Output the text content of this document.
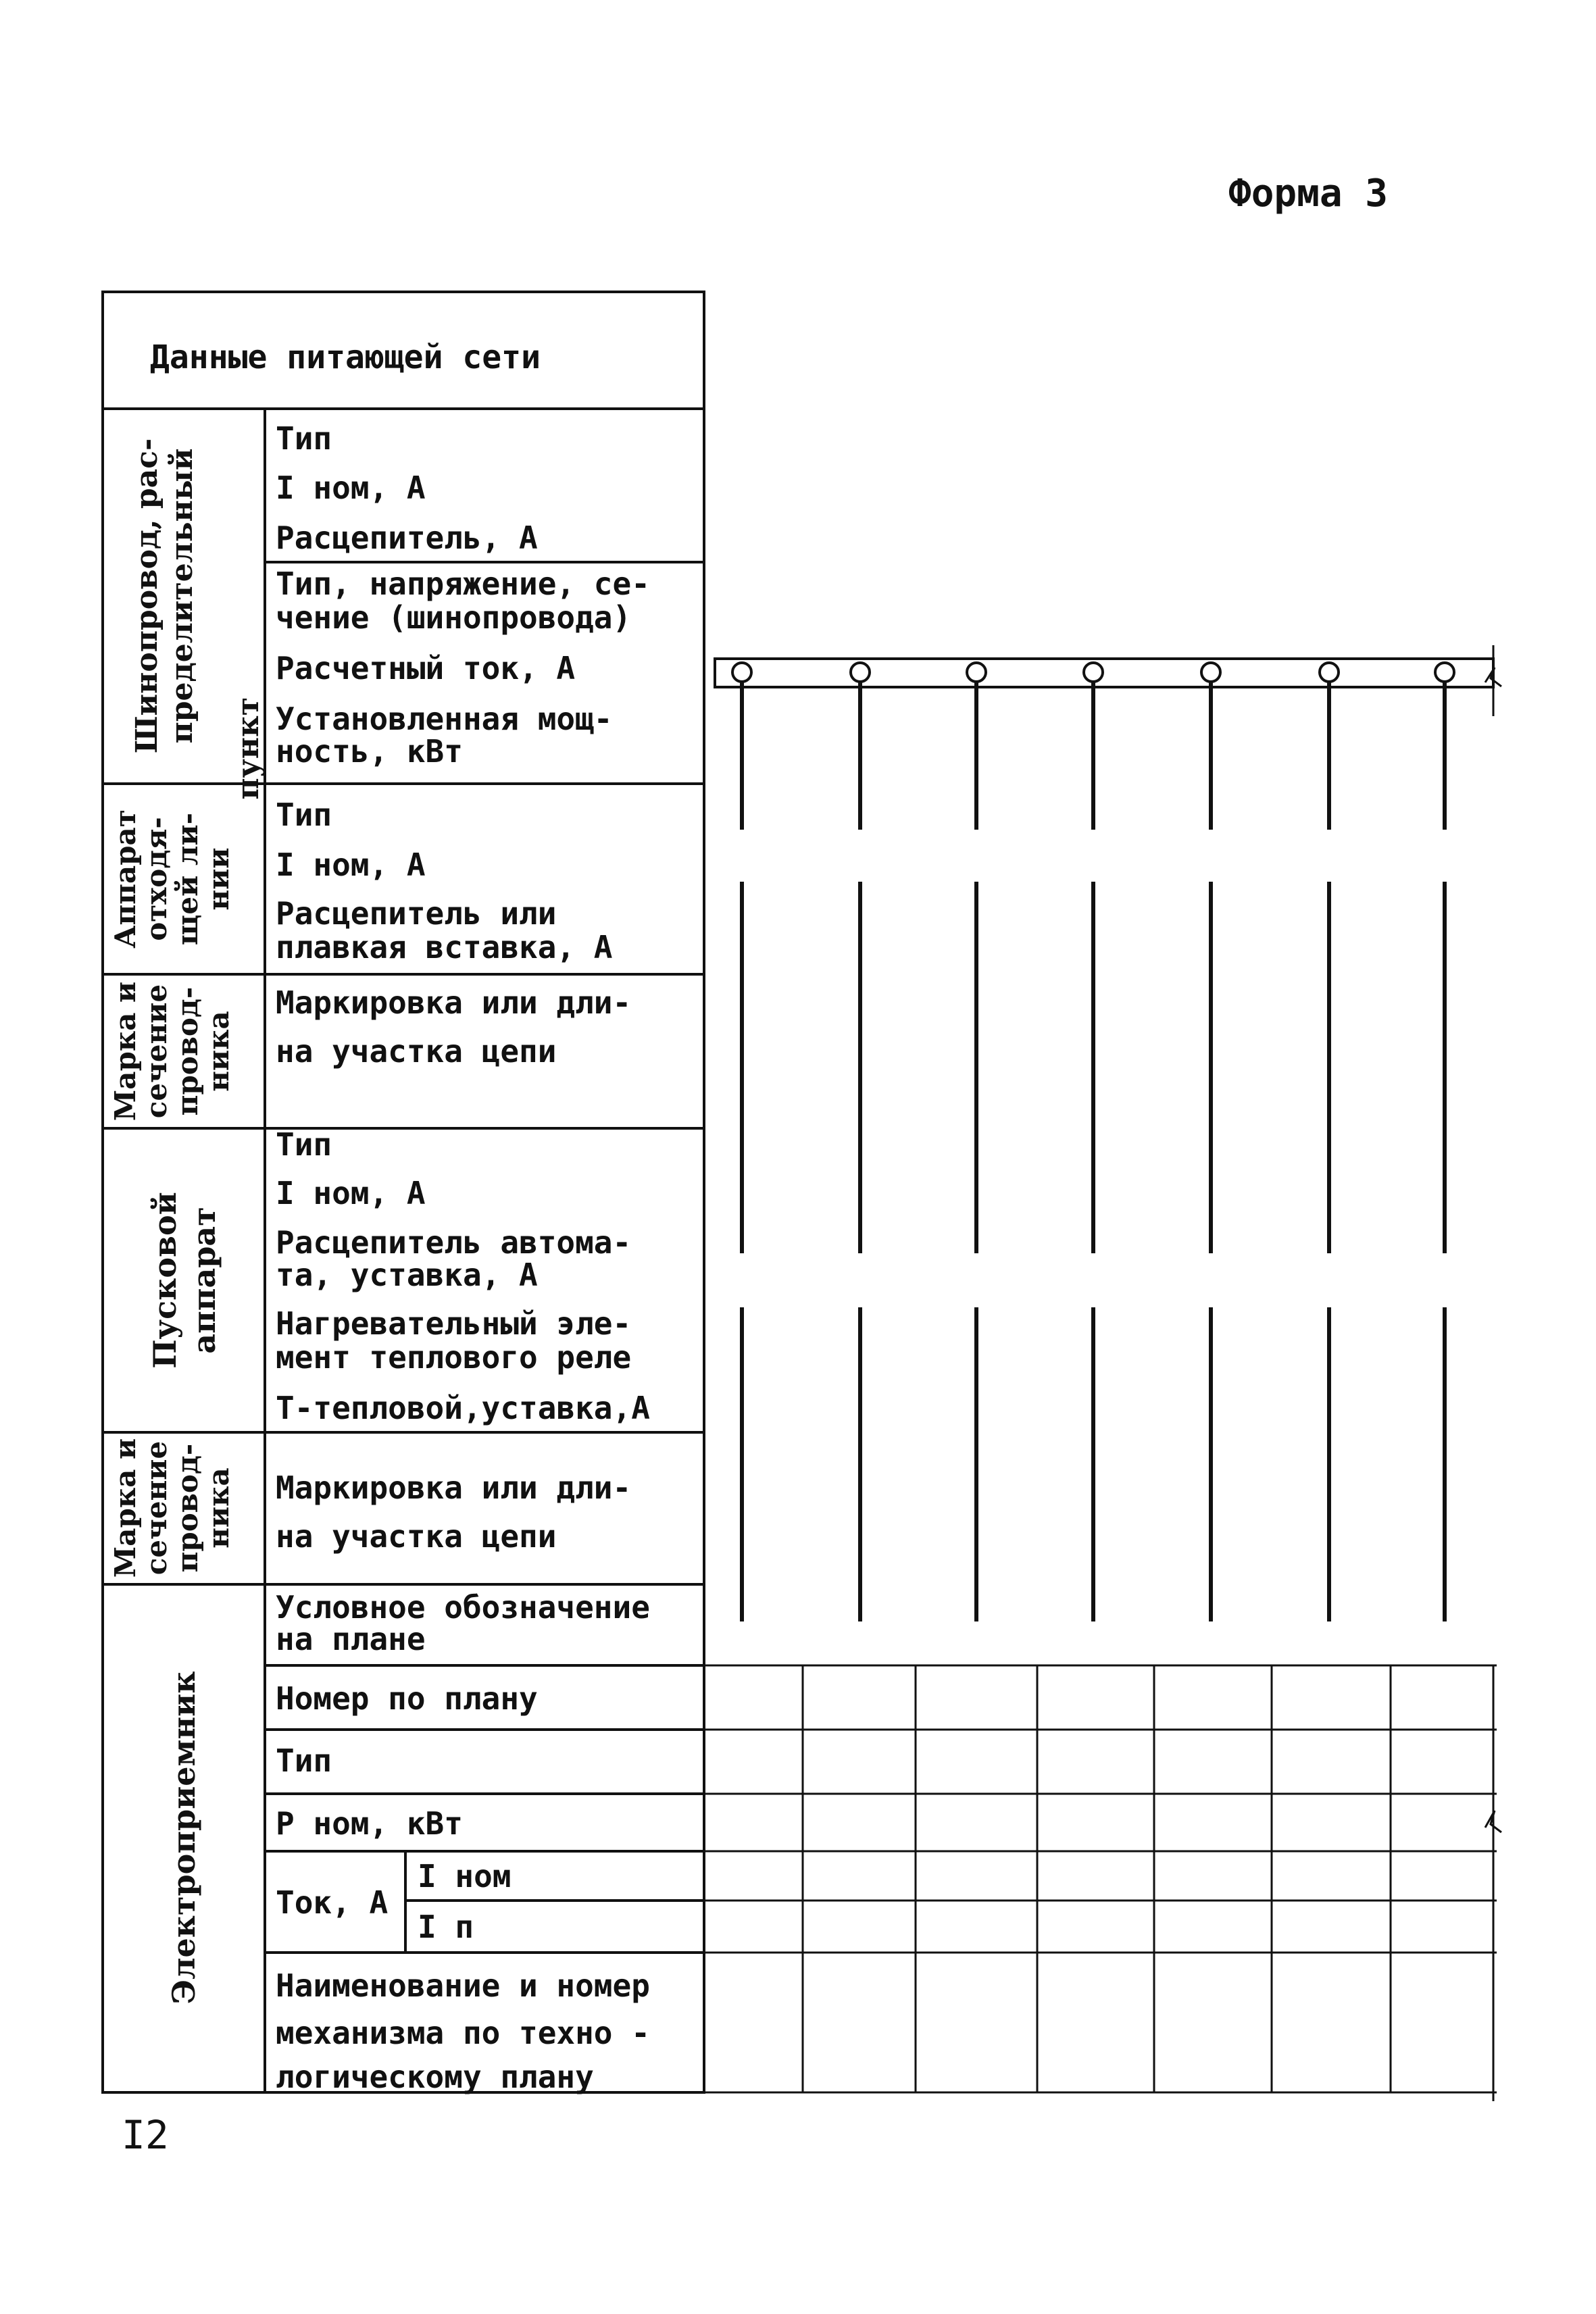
Форма 3
I2
Данные питающей сети
Шинопровод, рас- пределительный
пункт
Аппарат
отходя-
щей ли-
нии
Марка и
сечение
провод-
ника
Пусковой аппарат
Марка и
сечение
провод-
ника
Электроприемник
Тип
I ном, А
Расцепитель, А
Тип, напряжение, се-
чение (шинопровода)
Расчетный ток, А
Установленная мощ-
ность, кВт
Тип
I ном, А
Расцепитель или
плавкая вставка, А
Маркировка или дли-
на участка цепи
Тип
I ном, А
Расцепитель автома-
та, уставка, А
Нагревательный эле-
мент теплового реле
Т-тепловой,уставка,А
Маркировка или дли-
на участка цепи
Условное обозначение
на плане
Номер по плану
Тип
Р ном, кВт
Ток, А
I ном
I п
Наименование и номер
механизма по техно -
логическому плану
